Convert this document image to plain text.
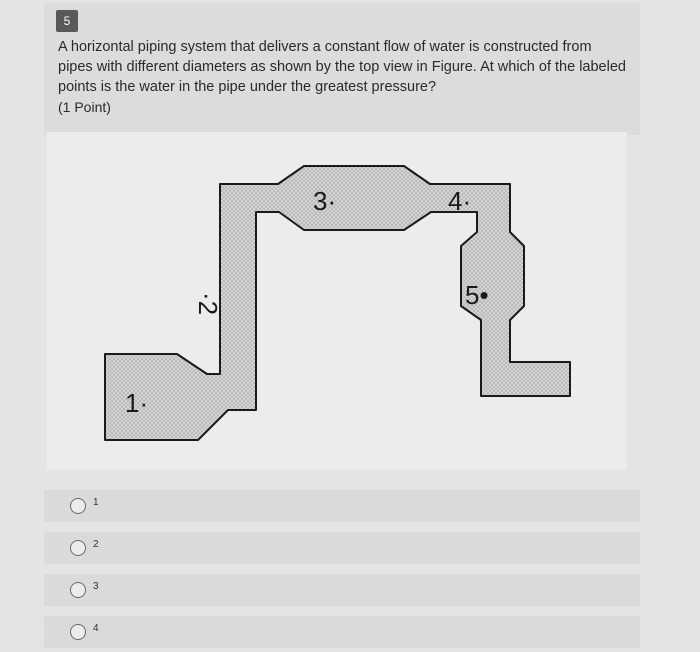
5
A horizontal piping system that delivers a constant flow of water is constructed from pipes with different diameters as shown by the top view in Figure. At which of the labeled points is the water in the pipe under the greatest pressure?
(1 Point)
1·
·2
3·	4·
5•
1
2
3
4
